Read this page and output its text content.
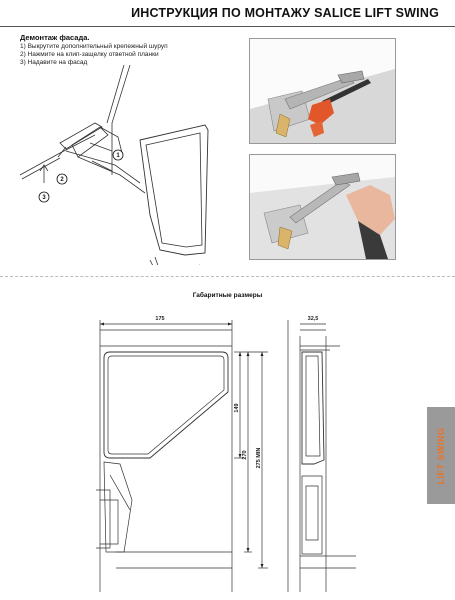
ИНСТРУКЦИЯ ПО МОНТАЖУ SALICE LIFT SWING
Демонтаж фасада.
1) Выкрутите дополнительный крепежный шуруп
2) Нажмите на клип-защелку ответной планки
3) Надавите на фасад
1
2
3
Габаритные размеры
175	32,5
149
270 275 MIN	LIFT SWING
